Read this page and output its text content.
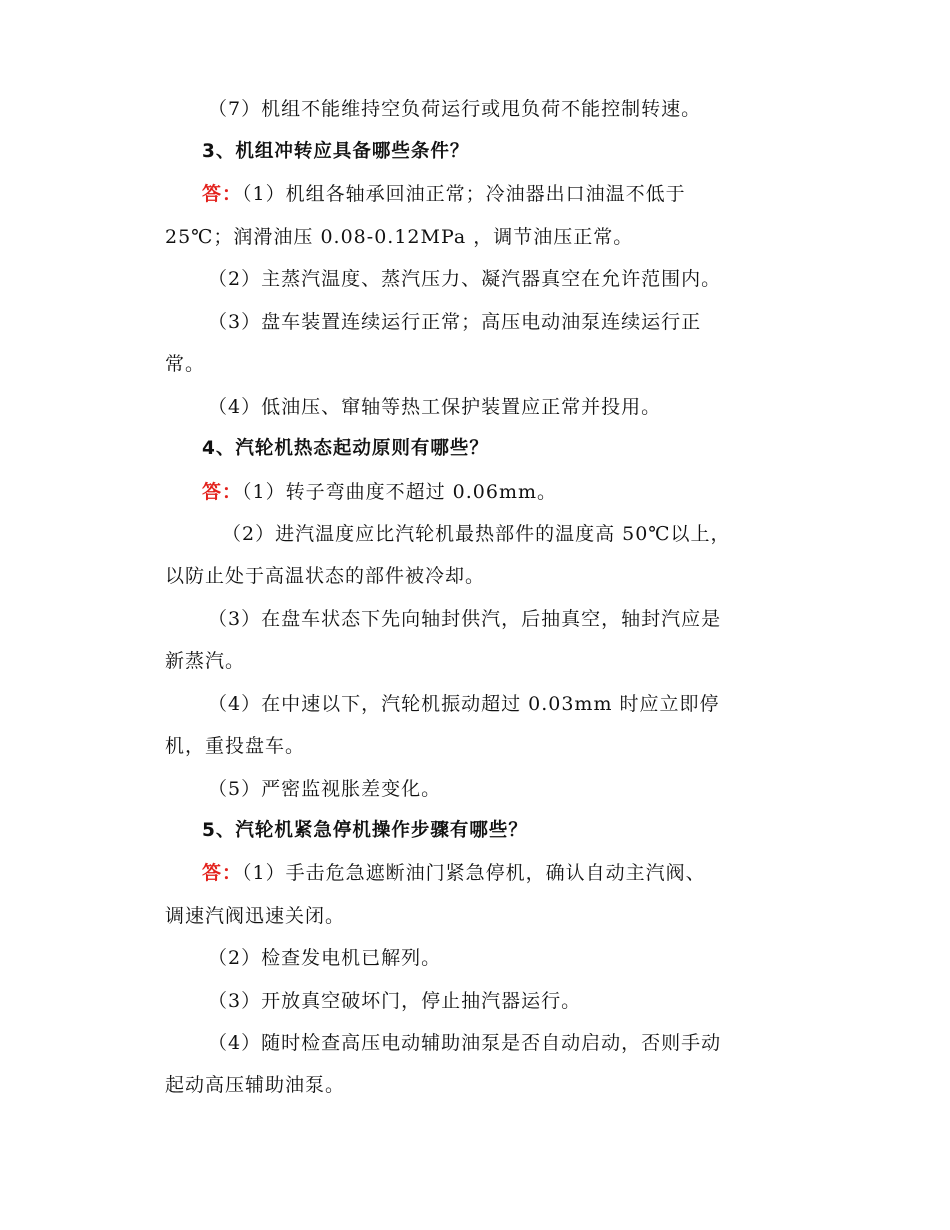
（7）机组不能维持空负荷运行或甩负荷不能控制转速。
3、机组冲转应具备哪些条件？
答：（1）机组各轴承回油正常；冷油器出口油温不低于
25℃；润滑油压 0.08-0.12MPa ，调节油压正常。
（2）主蒸汽温度、蒸汽压力、凝汽器真空在允许范围内。
（3）盘车装置连续运行正常；高压电动油泵连续运行正
常。
（4）低油压、窜轴等热工保护装置应正常并投用。
4、汽轮机热态起动原则有哪些？
答：（1）转子弯曲度不超过 0.06mm。
（2）进汽温度应比汽轮机最热部件的温度高 50℃以上，
以防止处于高温状态的部件被冷却。
（3）在盘车状态下先向轴封供汽，后抽真空，轴封汽应是
新蒸汽。
（4）在中速以下，汽轮机振动超过 0.03mm 时应立即停
机，重投盘车。
（5）严密监视胀差变化。
5、汽轮机紧急停机操作步骤有哪些？
答：（1）手击危急遮断油门紧急停机，确认自动主汽阀、
调速汽阀迅速关闭。
（2）检查发电机已解列。
（3）开放真空破坏门，停止抽汽器运行。
（4）随时检查高压电动辅助油泵是否自动启动，否则手动
起动高压辅助油泵。
